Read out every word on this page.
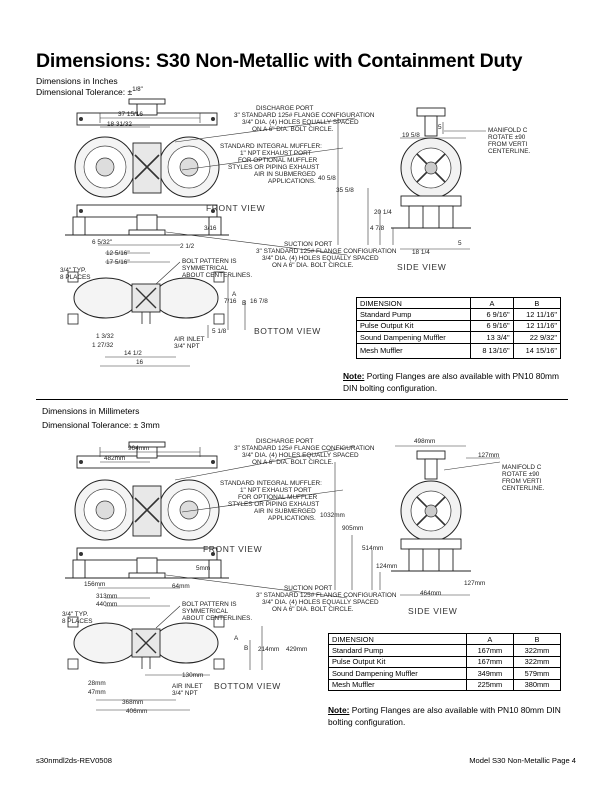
Dimensions: S30 Non-Metallic with Containment Duty
Dimensions in Inches
Dimensional Tolerance: ±$^{1/8"}$
Dimensions in Millimeters
Dimensional Tolerance: ± 3mm
37 15/16
18 31/32
19 5/8
5
40 5/8
35 5/8
20 1/4
4 7/8
3/16
6 5/32"
12 5/16"
17 5/16"
2 1/2
18 1/4
5
A
B
7/16 16 7/8
5 1/8
1 3/32
1 27/32
14 1/2
16
DISCHARGE PORT
3" STANDARD 125# FLANGE CONFIGURATION
3/4" DIA. (4) HOLES EQUALLY SPACED
ON A 6" DIA. BOLT CIRCLE.
STANDARD INTEGRAL MUFFLER:
1" NPT EXHAUST PORT
FOR OPTIONAL MUFFLER
STYLES OR PIPING EXHAUST
AIR IN SUBMERGED
APPLICATIONS.
MANIFOLD C
ROTATE ±90
FROM VERTI
CENTERLINE.
SUCTION PORT
3" STANDARD 125# FLANGE CONFIGURATION
3/4" DIA. (4) HOLES EQUALLY SPACED
ON A 6" DIA. BOLT CIRCLE.
BOLT PATTERN IS
SYMMETRICAL
ABOUT CENTERLINES.
3/4" TYP.
8 PLACES
AIR INLET
3/4" NPT
FRONT VIEW
SIDE VIEW
BOTTOM VIEW
964mm
482mm
498mm
127mm
1032mm
905mm
514mm
124mm
5mm
156mm
313mm
440mm
64mm
464mm
127mm
A
B 214mm 429mm
130mm
28mm
47mm
368mm
406mm
DISCHARGE PORT
3" STANDARD 125# FLANGE CONFIGURATION
3/4" DIA. (4) HOLES EQUALLY SPACED
ON A 6" DIA. BOLT CIRCLE.
STANDARD INTEGRAL MUFFLER:
1" NPT EXHAUST PORT
FOR OPTIONAL MUFFLER
STYLES OR PIPING EXHAUST
AIR IN SUBMERGED
APPLICATIONS.
MANIFOLD C
ROTATE ±90
FROM VERTI
CENTERLINE.
SUCTION PORT
3" STANDARD 125# FLANGE CONFIGURATION
3/4" DIA. (4) HOLES EQUALLY SPACED
ON A 6" DIA. BOLT CIRCLE.
BOLT PATTERN IS
SYMMETRICAL
ABOUT CENTERLINES.
3/4" TYP.
8 PLACES
AIR INLET
3/4" NPT
FRONT VIEW
SIDE VIEW
BOTTOM VIEW
DIMENSION	A	B
Standard Pump	6 9/16"	12 11/16"
Pulse Output Kit	6 9/16"	12 11/16"
Sound Dampening Muffler	13 3/4"	22 9/32"
Mesh Muffler	8 13/16"	14 15/16"
Note: Porting Flanges are also available with PN10 80mm DIN bolting configuration.
DIMENSION	A	B
Standard Pump	167mm	322mm
Pulse Output Kit	167mm	322mm
Sound Dampening Muffler	349mm	579mm
Mesh Muffler	225mm	380mm
Note: Porting Flanges are also available with PN10 80mm DIN bolting configuration.
s30nmdl2ds-REV0508	Model S30 Non-Metallic Page 4
